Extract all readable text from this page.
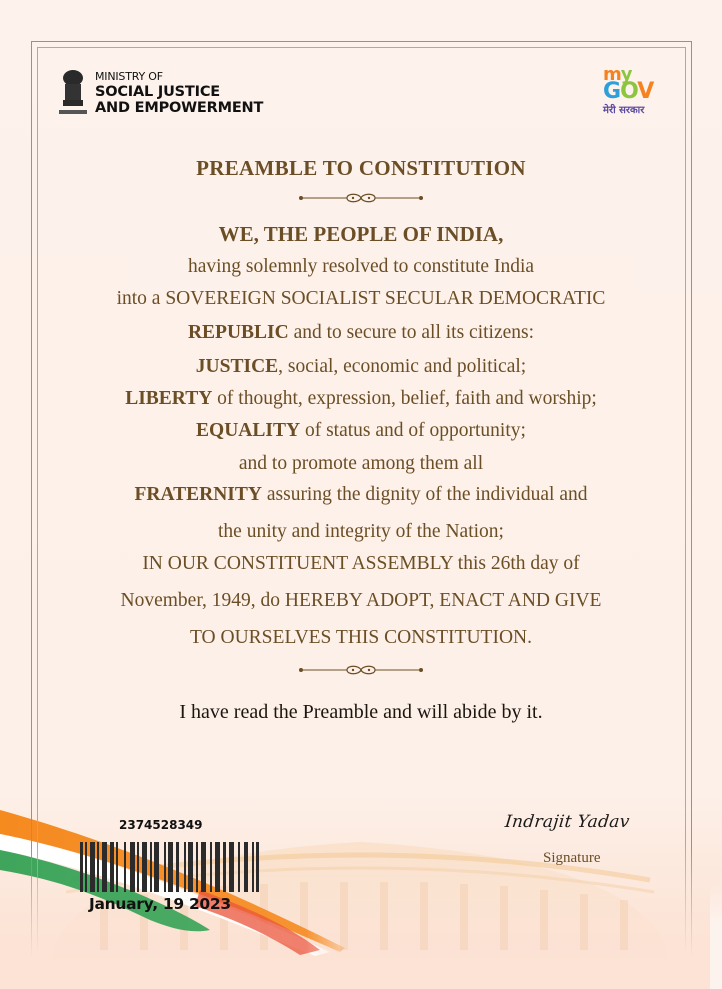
MINISTRY OF
SOCIAL JUSTICE
AND EMPOWERMENT
my
GOV
मेरी सरकार
PREAMBLE TO CONSTITUTION
WE, THE PEOPLE OF INDIA,
having solemnly resolved to constitute India
into a SOVEREIGN SOCIALIST SECULAR DEMOCRATIC
REPUBLIC and to secure to all its citizens:
JUSTICE, social, economic and political;
LIBERTY of thought, expression, belief, faith and worship;
EQUALITY of status and of opportunity;
and to promote among them all
FRATERNITY assuring the dignity of the individual and
the unity and integrity of the Nation;
IN OUR CONSTITUENT ASSEMBLY this 26th day of
November, 1949, do HEREBY ADOPT, ENACT AND GIVE
TO OURSELVES THIS CONSTITUTION.
I have read the Preamble and will abide by it.
2374528349
January, 19 2023
Indrajit Yadav
Signature
